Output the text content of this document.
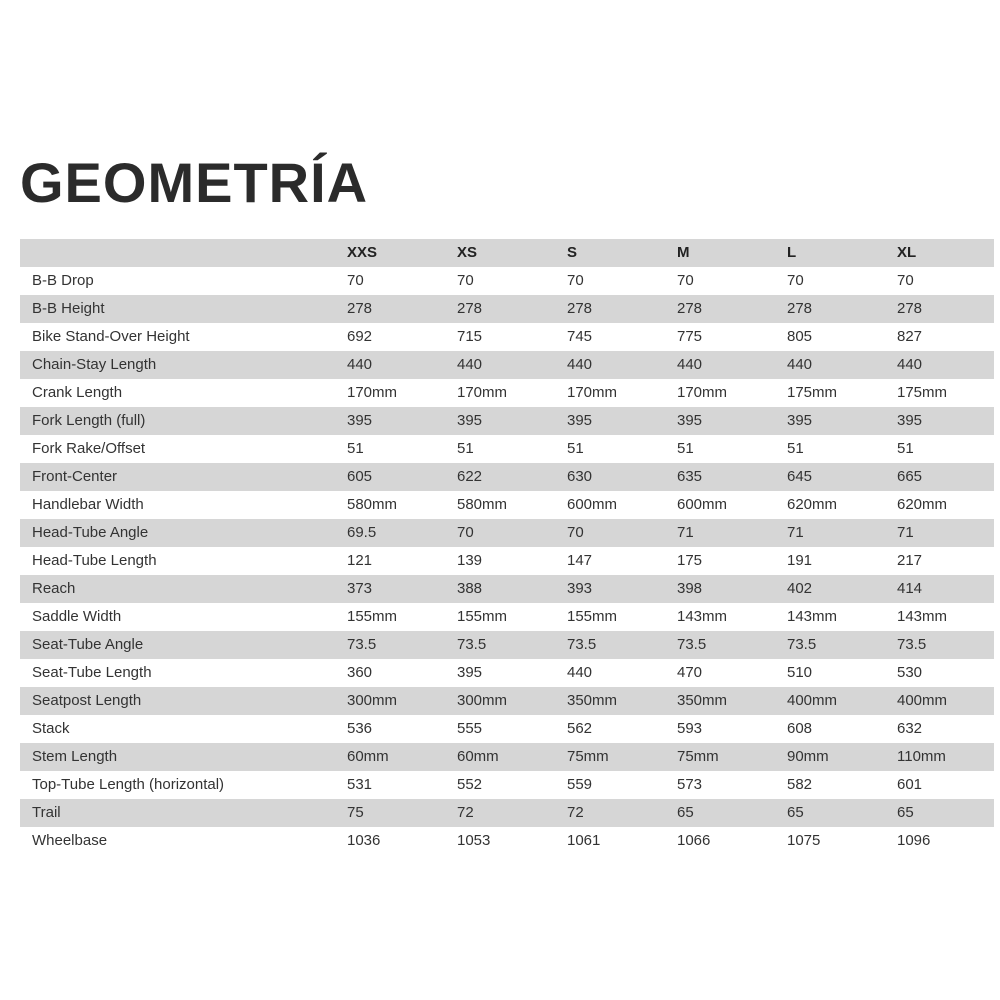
GEOMETRÍA
	XXS	XS	S	M	L	XL
B-B Drop	70	70	70	70	70	70
B-B Height	278	278	278	278	278	278
Bike Stand-Over Height	692	715	745	775	805	827
Chain-Stay Length	440	440	440	440	440	440
Crank Length	170mm	170mm	170mm	170mm	175mm	175mm
Fork Length (full)	395	395	395	395	395	395
Fork Rake/Offset	51	51	51	51	51	51
Front-Center	605	622	630	635	645	665
Handlebar Width	580mm	580mm	600mm	600mm	620mm	620mm
Head-Tube Angle	69.5	70	70	71	71	71
Head-Tube Length	121	139	147	175	191	217
Reach	373	388	393	398	402	414
Saddle Width	155mm	155mm	155mm	143mm	143mm	143mm
Seat-Tube Angle	73.5	73.5	73.5	73.5	73.5	73.5
Seat-Tube Length	360	395	440	470	510	530
Seatpost Length	300mm	300mm	350mm	350mm	400mm	400mm
Stack	536	555	562	593	608	632
Stem Length	60mm	60mm	75mm	75mm	90mm	110mm
Top-Tube Length (horizontal)	531	552	559	573	582	601
Trail	75	72	72	65	65	65
Wheelbase	1036	1053	1061	1066	1075	1096
